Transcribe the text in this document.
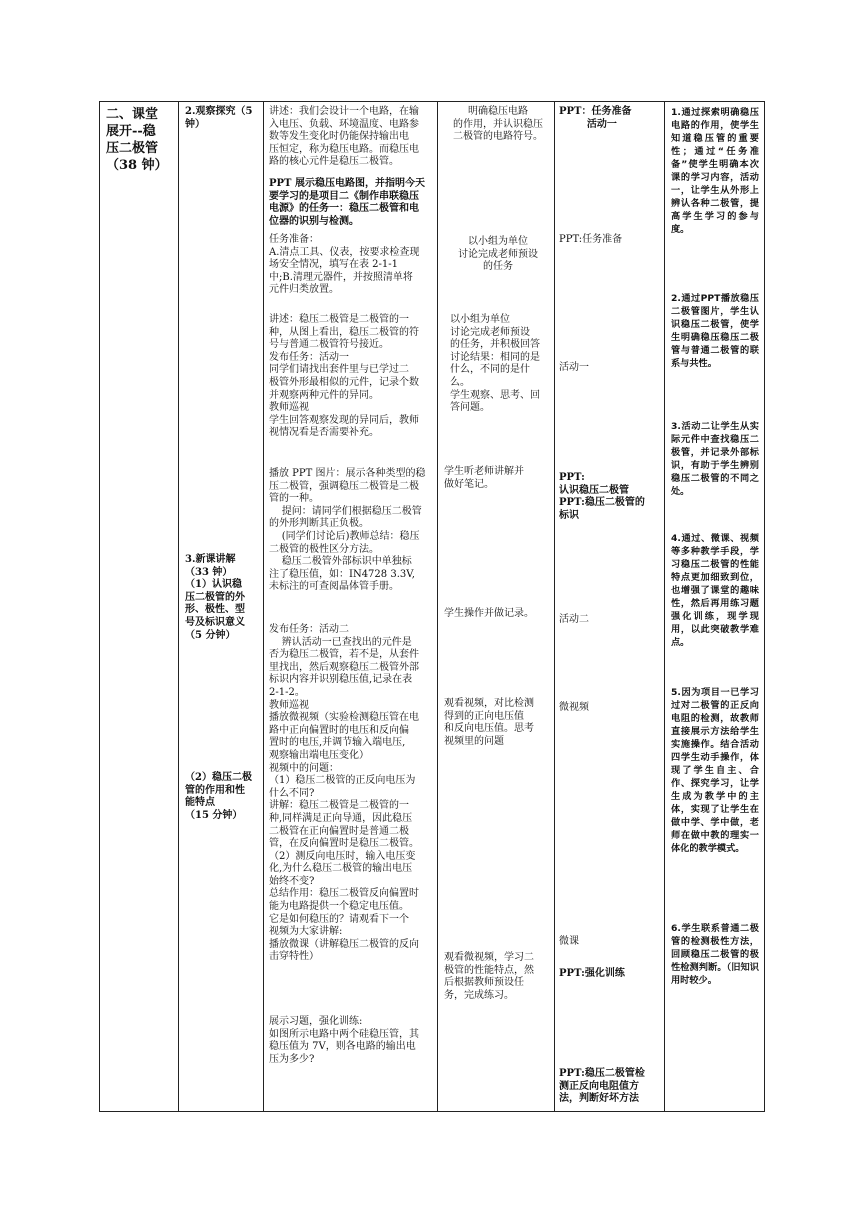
二、课堂
展开--稳
压二极管
（38 钟）
2.观察探究（5
钟）
3.新课讲解
（33 钟）
（1）认识稳
压二极管的外
形、极性、型
号及标识意义
（5 分钟）
（2）稳压二极
管的作用和性
能特点
（15 分钟）
讲述：我们会设计一个电路，在输
入电压、负载、环境温度、电路参
数等发生变化时仍能保持输出电
压恒定，称为稳压电路。而稳压电
路的核心元件是稳压二极管。
PPT 展示稳压电路图，并指明今天
要学习的是项目二《制作串联稳压
电源》的任务一：稳压二极管和电
位器的识别与检测。
任务准备：
A.清点工具、仪表，按要求检查现
场安全情况，填写在表 2-1-1
中;B.清理元器件，并按照清单将
元件归类放置。
讲述：稳压二极管是二极管的一
种，从图上看出，稳压二极管的符
号与普通二极管符号接近。
发布任务：活动一
同学们请找出套件里与已学过二
极管外形最相似的元件，记录个数
并观察两种元件的异同。
教师巡视
学生回答观察发现的异同后，教师
视情况看是否需要补充。
播放 PPT 图片：展示各种类型的稳
压二极管，强调稳压二极管是二极
管的一种。
提问：请同学们根据稳压二极管
的外形判断其正负极。
(同学们讨论后)教师总结：稳压
二极管的极性区分方法。
稳压二极管外部标识中单独标
注了稳压值，如：IN4728 3.3V,
未标注的可查阅晶体管手册。
发布任务：活动二
辨认活动一已查找出的元件是
否为稳压二极管，若不是，从套件
里找出，然后观察稳压二极管外部
标识内容并识别稳压值,记录在表
2-1-2。
教师巡视
播放微视频（实验检测稳压管在电
路中正向偏置时的电压和反向偏
置时的电压,并调节输入端电压,
观察输出端电压变化）
视频中的问题：
（1）稳压二极管的正反向电压为
什么不同?
讲解：稳压二极管是二极管的一
种,同样满足正向导通，因此稳压
二极管在正向偏置时是普通二极
管，在反向偏置时是稳压二极管。
（2）测反向电压时，输入电压变
化,为什么稳压二极管的输出电压
始终不变?
总结作用：稳压二极管反向偏置时
能为电路提供一个稳定电压值。
它是如何稳压的？请观看下一个
视频为大家讲解:
播放微课（讲解稳压二极管的反向
击穿特性）
展示习题，强化训练:
如图所示电路中两个硅稳压管，其
稳压值为 7V，则各电路的输出电
压为多少?
明确稳压电路
的作用，并认识稳压
二极管的电路符号。
以小组为单位
讨论完成老师预设
的任务
以小组为单位
讨论完成老师预设
的任务，并积极回答
讨论结果：相同的是
什么，不同的是什
么。
学生观察、思考、回
答问题。
学生听老师讲解并
做好笔记。
学生操作并做记录。
观看视频，对比检测
得到的正向电压值
和反向电压值。思考
视频里的问题
观看微视频，学习二
极管的性能特点，然
后根据教师预设任
务，完成练习。
PPT：任务准备
活动一
PPT:任务准备
活动一
PPT:
认识稳压二极管
PPT:稳压二极管的
标识
活动二
微视频
微课
PPT:强化训练
PPT:稳压二极管检
测正反向电阻值方
法，判断好坏方法
1.通过探索明确稳压电路的作用，使学生知道稳压管的重要性；通过“任务准备”使学生明确本次课的学习内容，活动一，让学生从外形上辨认各种二极管，提高学生学习的参与度。
2.通过PPT播放稳压二极管图片，学生认识稳压二极管，使学生明确稳压稳压二极管与普通二极管的联系与共性。
3.活动二让学生从实际元件中查找稳压二极管，并记录外部标识，有助于学生辨别稳压二极管的不同之处。
4.通过、微课、视频等多种教学手段，学习稳压二极管的性能特点更加细致到位，也增强了课堂的趣味性，然后再用练习题强化训练，现学现用，以此突破教学难点。
5.因为项目一已学习过对二极管的正反向电阻的检测，故教师直接展示方法给学生实施操作。结合活动四学生动手操作，体现了学生自主、合作、探究学习，让学生成为教学中的主体，实现了让学生在做中学、学中做，老师在做中教的理实一体化的教学模式。
6.学生联系普通二极管的检测极性方法，回顾稳压二极管的极性检测判断。（旧知识用时较少。
